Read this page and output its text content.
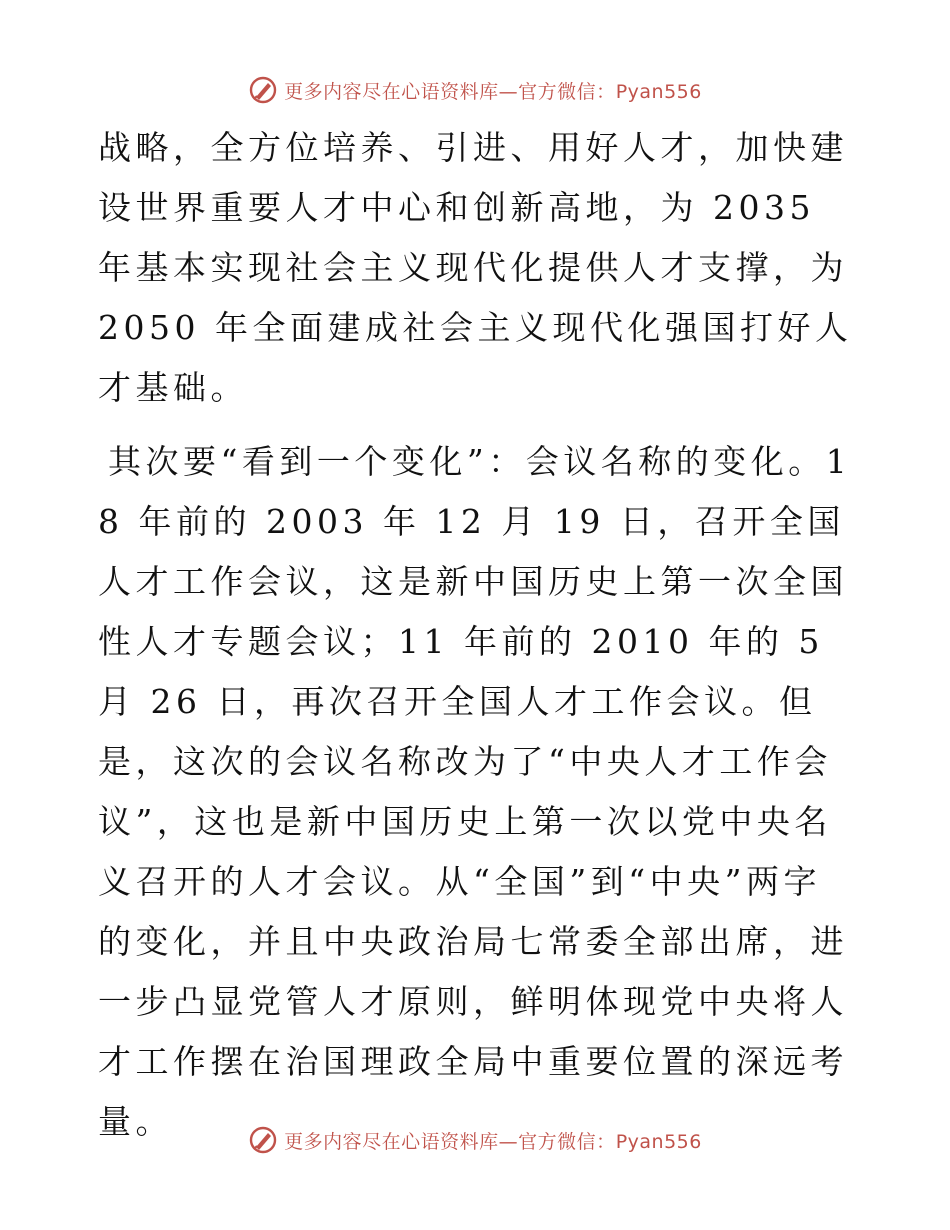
更多内容尽在心语资料库—官方微信：Pyan556

战略，全方位培养、引进、用好人才，加快建设世界重要人才中心和创新高地，为 2035 年基本实现社会主义现代化提供人才支撑，为 2050 年全面建成社会主义现代化强国打好人才基础。

其次要“看到一个变化”：会议名称的变化。18 年前的 2003 年 12 月 19 日，召开全国人才工作会议，这是新中国历史上第一次全国性人才专题会议；11 年前的 2010 年的 5 月 26 日，再次召开全国人才工作会议。但是，这次的会议名称改为了“中央人才工作会议”，这也是新中国历史上第一次以党中央名义召开的人才会议。从“全国”到“中央”两字的变化，并且中央政治局七常委全部出席，进一步凸显党管人才原则，鲜明体现党中央将人才工作摆在治国理政全局中重要位置的深远考量。

更多内容尽在心语资料库—官方微信：Pyan556
